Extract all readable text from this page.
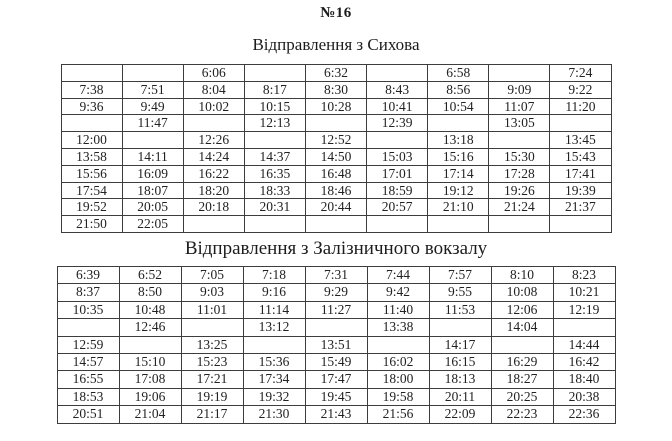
№16
Відправлення з Сихова
		6:06		6:32		6:58		7:24
7:38	7:51	8:04	8:17	8:30	8:43	8:56	9:09	9:22
9:36	9:49	10:02	10:15	10:28	10:41	10:54	11:07	11:20
	11:47		12:13		12:39		13:05	
12:00		12:26		12:52		13:18		13:45
13:58	14:11	14:24	14:37	14:50	15:03	15:16	15:30	15:43
15:56	16:09	16:22	16:35	16:48	17:01	17:14	17:28	17:41
17:54	18:07	18:20	18:33	18:46	18:59	19:12	19:26	19:39
19:52	20:05	20:18	20:31	20:44	20:57	21:10	21:24	21:37
21:50	22:05							
Відправлення з Залізничного вокзалу
6:39	6:52	7:05	7:18	7:31	7:44	7:57	8:10	8:23
8:37	8:50	9:03	9:16	9:29	9:42	9:55	10:08	10:21
10:35	10:48	11:01	11:14	11:27	11:40	11:53	12:06	12:19
	12:46		13:12		13:38		14:04	
12:59		13:25		13:51		14:17		14:44
14:57	15:10	15:23	15:36	15:49	16:02	16:15	16:29	16:42
16:55	17:08	17:21	17:34	17:47	18:00	18:13	18:27	18:40
18:53	19:06	19:19	19:32	19:45	19:58	20:11	20:25	20:38
20:51	21:04	21:17	21:30	21:43	21:56	22:09	22:23	22:36
